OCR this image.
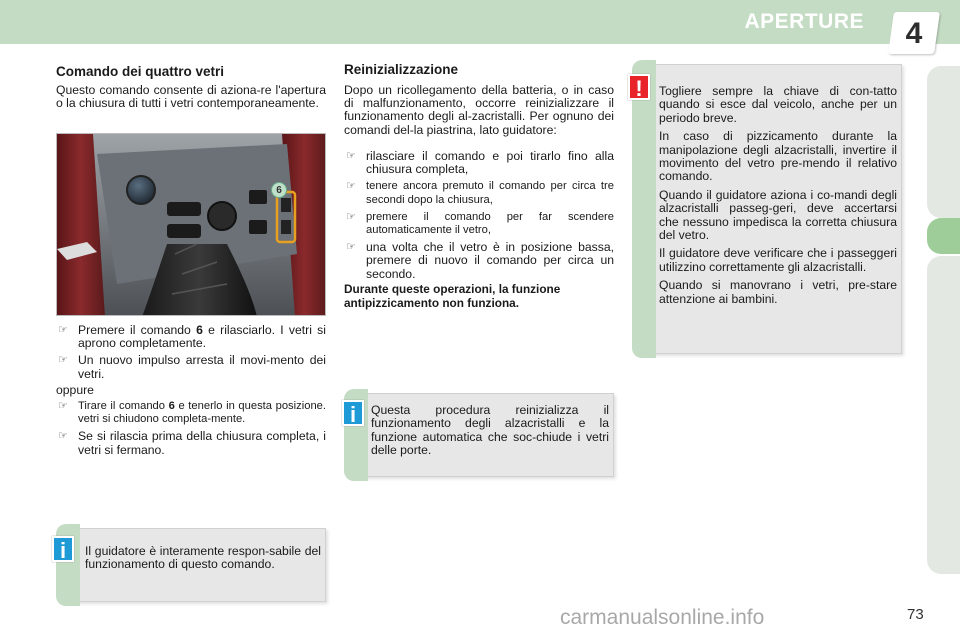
APERTURE	4
Comando dei quattro vetri
Questo comando consente di aziona-re l'apertura o la chiusura di tutti i vetri contemporaneamente.
6
☞ Premere il comando 6 e rilasciarlo. I vetri si aprono completamente.
☞ Un nuovo impulso arresta il movi-mento dei vetri.
oppure
☞ Tirare il comando 6 e tenerlo in questa posizione. vetri si chiudono completa-mente.
☞ Se si rilascia prima della chiusura completa, i vetri si fermano.
Il guidatore è interamente respon-sabile del funzionamento di questo comando.
i
Reinizializzazione
Dopo un ricollegamento della batteria, o in caso di malfunzionamento, occorre reinizializzare il funzionamento degli al-zacristalli. Per ognuno dei comandi del-la piastrina, lato guidatore:
☞ rilasciare il comando e poi tirarlo fino alla chiusura completa,
☞ tenere ancora premuto il comando per circa tre secondi dopo la chiusura,
☞ premere il comando per far scendere automaticamente il vetro,
☞ una volta che il vetro è in posizione bassa, premere di nuovo il comando per circa un secondo.
Durante queste operazioni, la funzione antipizzicamento non funziona.
Questa procedura reinizializza il funzionamento degli alzacristalli e la funzione automatica che soc-chiude i vetri delle porte.
i
Togliere sempre la chiave di con-tatto quando si esce dal veicolo, anche per un periodo breve.
In caso di pizzicamento durante la manipolazione degli alzacristalli, invertire il movimento del vetro pre-mendo il relativo comando.
Quando il guidatore aziona i co-mandi degli alzacristalli passeg-geri, deve accertarsi che nessuno impedisca la corretta chiusura del vetro.
Il guidatore deve verificare che i passeggeri utilizzino correttamente gli alzacristalli.
Quando si manovrano i vetri, pre-stare attenzione ai bambini.
!
carmanualsonline.info	73
